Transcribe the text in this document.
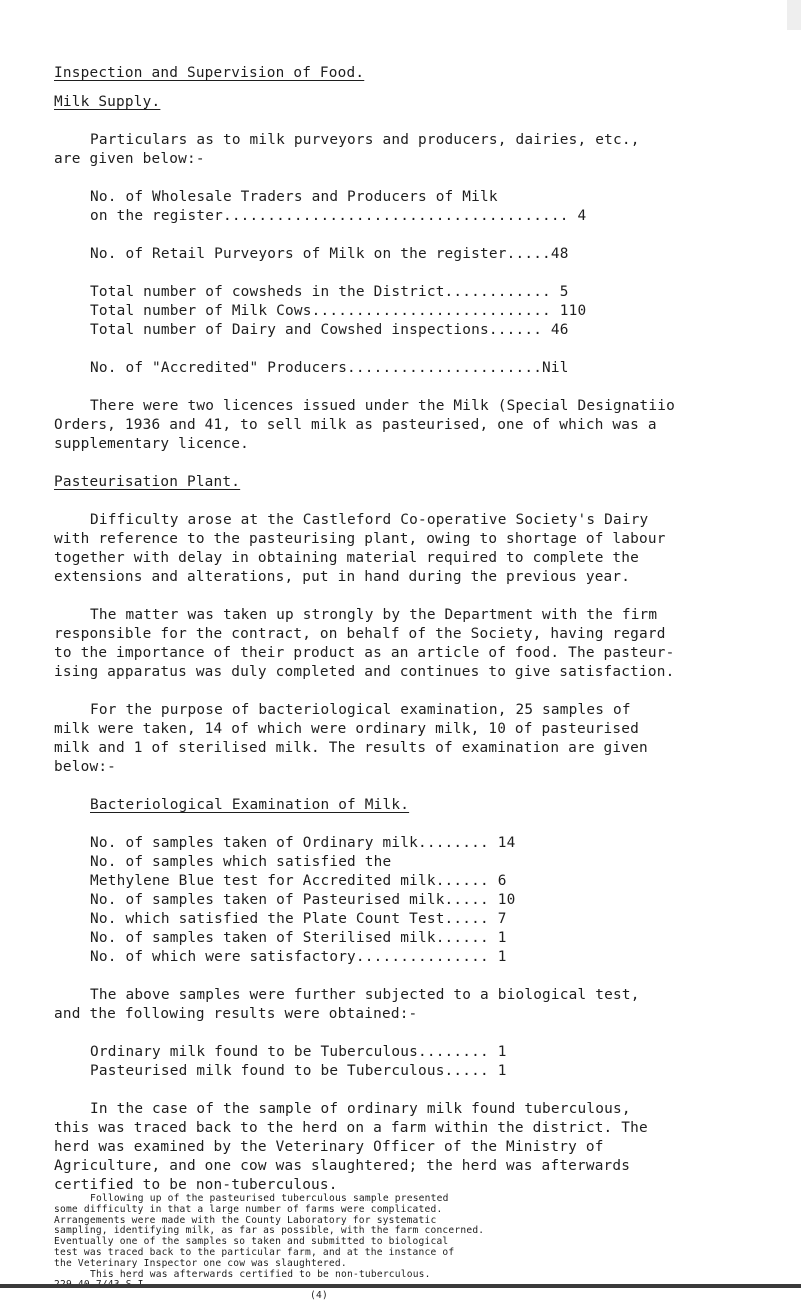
Inspection and Supervision of Food.
Milk Supply.
Particulars as to milk purveyors and producers, dairies, etc.,
are given below:-
No. of Wholesale Traders and Producers of Milk
on the register....................................... 4
No. of Retail Purveyors of Milk on the register.....48
Total number of cowsheds in the District............ 5
Total number of Milk Cows........................... 110
Total number of Dairy and Cowshed inspections...... 46
No. of "Accredited" Producers......................Nil
There were two licences issued under the Milk (Special Designatiio
Orders, 1936 and 41, to sell milk as pasteurised, one of which was a
supplementary licence.
Pasteurisation Plant.
Difficulty arose at the Castleford Co-operative Society's Dairy
with reference to the pasteurising plant, owing to shortage of labour
together with delay in obtaining material required to complete the
extensions and alterations, put in hand during the previous year.
The matter was taken up strongly by the Department with the firm
responsible for the contract, on behalf of the Society, having regard
to the importance of their product as an article of food. The pasteur-
ising apparatus was duly completed and continues to give satisfaction.
For the purpose of bacteriological examination, 25 samples of
milk were taken, 14 of which were ordinary milk, 10 of pasteurised
milk and 1 of sterilised milk. The results of examination are given
below:-
Bacteriological Examination of Milk.
No. of samples taken of Ordinary milk........ 14
No. of samples which satisfied the
Methylene Blue test for Accredited milk...... 6
No. of samples taken of Pasteurised milk..... 10
No. which satisfied the Plate Count Test..... 7
No. of samples taken of Sterilised milk...... 1
No. of which were satisfactory............... 1
The above samples were further subjected to a biological test,
and the following results were obtained:-
Ordinary milk found to be Tuberculous........ 1
Pasteurised milk found to be Tuberculous..... 1
In the case of the sample of ordinary milk found tuberculous,
this was traced back to the herd on a farm within the district. The
herd was examined by the Veterinary Officer of the Ministry of
Agriculture, and one cow was slaughtered; the herd was afterwards
certified to be non-tuberculous.
Following up of the pasteurised tuberculous sample presented
some difficulty in that a large number of farms were complicated.
Arrangements were made with the County Laboratory for systematic
sampling, identifying milk, as far as possible, with the farm concerned.
Eventually one of the samples so taken and submitted to biological
test was traced back to the particular farm, and at the instance of
the Veterinary Inspector one cow was slaughtered.
This herd was afterwards certified to be non-tuberculous.
(4)
